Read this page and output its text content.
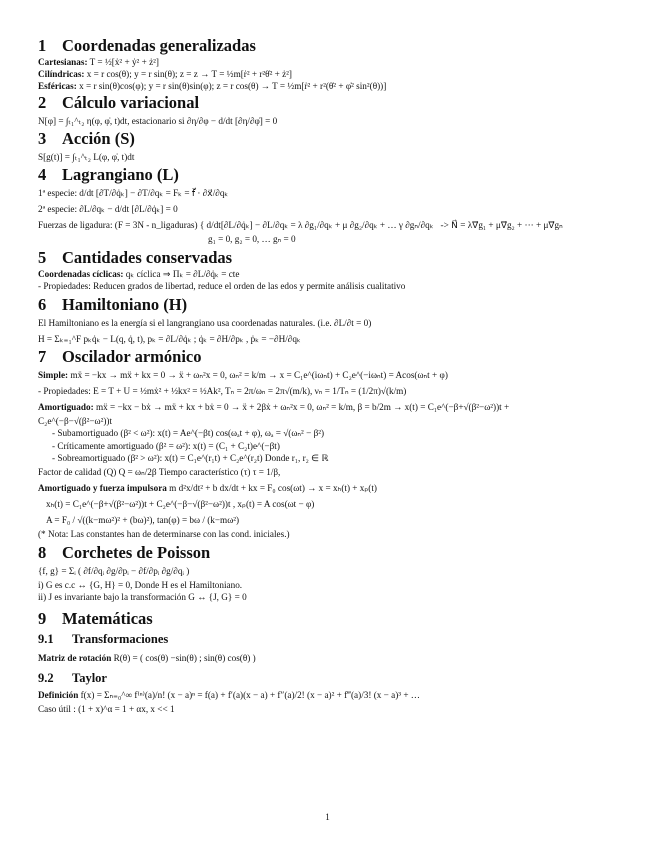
1 Coordenadas generalizadas
Cartesianas: T = ½[ẋ² + ẏ² + ż²]
Cilíndricas: x = r cos(θ); y = r sin(θ); z = z → T = ½m[ṙ² + r²θ̇² + ż²]
Esféricas: x = r sin(θ)cos(φ); y = r sin(θ)sin(φ); z = r cos(θ) → T = ½m[ṙ² + r²(θ̇² + φ̇² sin²(θ))]
2 Cálculo variacional
N[φ] = ∫ₜ₁^ₜ₂ η(φ, φ̇, t)dt, estacionario si ∂η/∂φ − d/dt [∂η/∂φ̇] = 0
3 Acción (S)
S[g(t)] = ∫ₜ₁^ₜ₂ L(φ, φ̇, t)dt
4 Lagrangiano (L)
1ª especie: d/dt [∂T/∂q̇ₖ] − ∂T/∂qₖ = Fₖ = f⃗ · ∂x⃗/∂qₖ
2ª especie: ∂L/∂qₖ − d/dt [∂L/∂q̇ₖ] = 0
Fuerzas de ligadura: (F = 3N - n_ligaduras) { d/dt[∂L/∂q̇ₖ] − ∂L/∂qₖ = λ ∂g₁/∂qₖ + μ ∂g₂/∂qₖ + … γ ∂gₙ/∂qₖ -> N⃗ = λ∇⃗g₁ + μ∇⃗g₂ + ··· + μ∇⃗gₙ
g₁ = 0, g₂ = 0, … gₙ = 0
5 Cantidades conservadas
Coordenadas cíclicas: qₖ cíclica ⇒ Πₖ = ∂L/∂q̇ₖ = cte
- Propiedades: Reducen grados de libertad, reduce el orden de las edos y permite análisis cualitativo
6 Hamiltoniano (H)
El Hamiltoniano es la energía si el langrangiano usa coordenadas naturales. (i.e. ∂L/∂t = 0)
H = Σₖ₌₁^F pₖq̇ₖ − L(q, q̇, t), pₖ = ∂L/∂q̇ₖ ; q̇ₖ = ∂H/∂pₖ , ṗₖ = −∂H/∂qₖ
7 Oscilador armónico
Simple: mẍ = −kx → mẍ + kx = 0 → ẍ + ωₙ²x = 0, ωₙ² = k/m → x = C₁e^(iωₙt) + C₂e^(−iωₙt) = Acos(ωₙt + φ)
- Propiedades: E = T + U = ½mẋ² + ½kx² = ½Ak², Tₙ = 2π/ωₙ = 2π√(m/k), νₙ = 1/Tₙ = (1/2π)√(k/m)
Amortiguado: mẍ = −kx − bẋ → mẍ + kx + bẋ = 0 → ẍ + 2βẋ + ωₙ²x = 0, ωₙ² = k/m, β = b/2m → x(t) = C₁e^(−β+√(β²−ω²))t +
C₂e^(−β−√(β²−ω²))t
- Subamortiguado (β² < ω²): x(t) = Ae^(−βt) cos(ωₐt + φ), ωₐ = √(ωₙ² − β²)
- Críticamente amortiguado (β² = ω²): x(t) = (C₁ + C₂t)e^(−βt)
- Sobreamortiguado (β² > ω²): x(t) = C₁e^(r₁t) + C₂e^(r₂t) Donde r₁, r₂ ∈ ℝ
Factor de calidad (Q) Q = ωₙ/2β Tiempo característico (τ) τ = 1/β,
Amortiguado y fuerza impulsora m d²x/dt² + b dx/dt + kx = F₀ cos(ωt) → x = xₕ(t) + xₚ(t)
xₕ(t) = C₁e^(−β+√(β²−ω²))t + C₂e^(−β−√(β²−ω²))t , xₚ(t) = A cos(ωt − φ)
A = F₀ / √((k−mω²)² + (bω)²), tan(φ) = bω / (k−mω²)
(* Nota: Las constantes han de determinarse con las cond. iniciales.)
8 Corchetes de Poisson
{f, g} = Σᵢ ( ∂f/∂qᵢ ∂g/∂pᵢ − ∂f/∂pᵢ ∂g/∂qᵢ )
i) G es c.c ↔ {G, H} = 0, Donde H es el Hamiltoniano.
ii) J es invariante bajo la transformación G ↔ {J, G} = 0
9 Matemáticas
9.1 Transformaciones
Matriz de rotación R(θ) = ( cos(θ) −sin(θ) ; sin(θ) cos(θ) )
9.2 Taylor
Definición f(x) = Σₙ₌₀^∞ f⁽ⁿ⁾(a)/n! (x − a)ⁿ = f(a) + f′(a)(x − a) + f″(a)/2! (x − a)² + f‴(a)/3! (x − a)³ + …
Caso útil : (1 + x)^α = 1 + αx, x << 1
1
